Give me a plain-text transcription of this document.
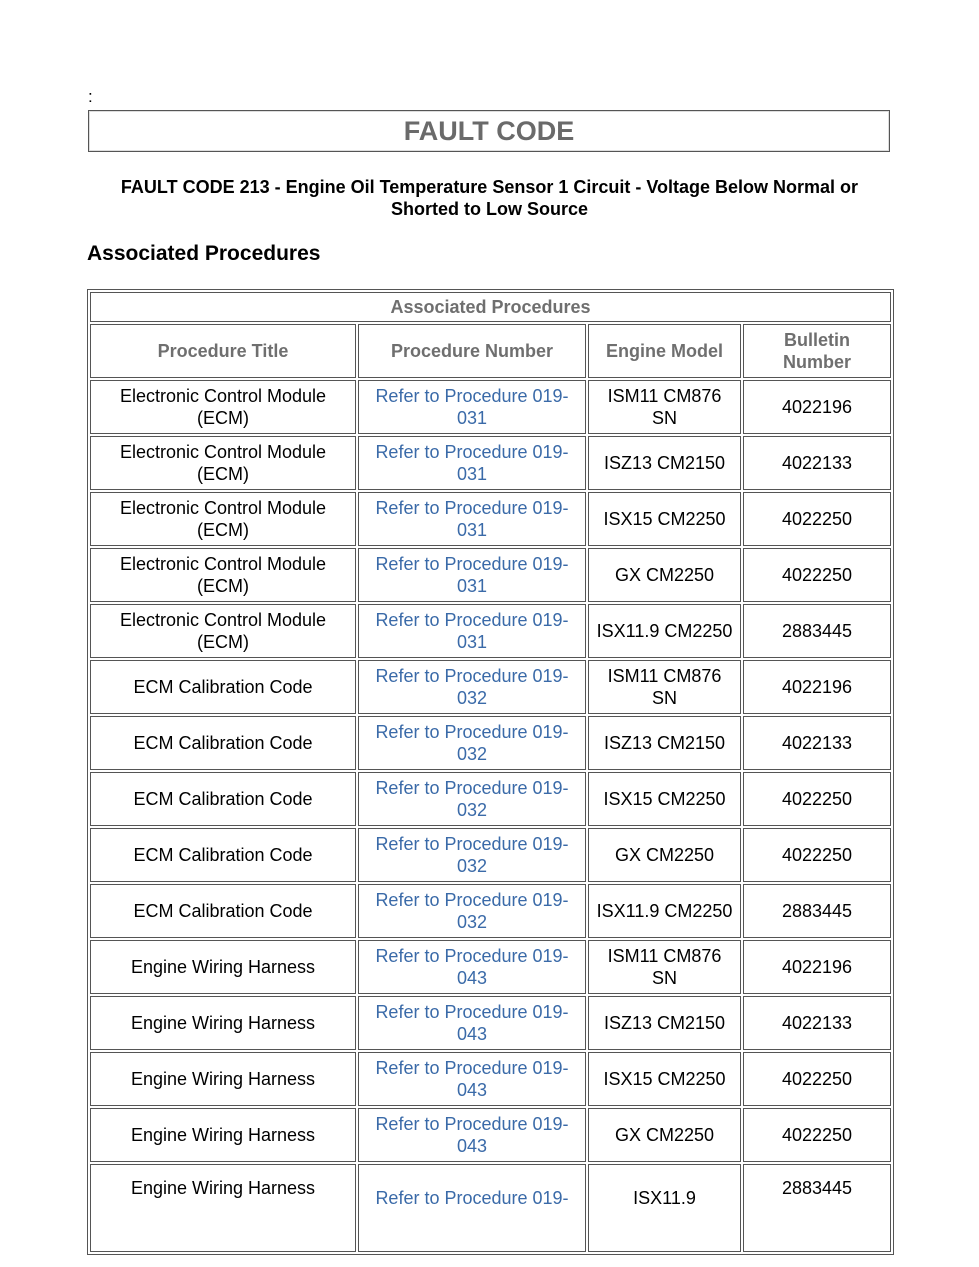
:
FAULT CODE
FAULT CODE 213 - Engine Oil Temperature Sensor 1 Circuit - Voltage Below Normal or Shorted to Low Source
Associated Procedures
Associated Procedures			
Procedure Title	Procedure Number	Engine Model	Bulletin Number
Electronic Control Module (ECM)	Refer to Procedure 019-031	ISM11 CM876 SN	4022196
Electronic Control Module (ECM)	Refer to Procedure 019-031	ISZ13 CM2150	4022133
Electronic Control Module (ECM)	Refer to Procedure 019-031	ISX15 CM2250	4022250
Electronic Control Module (ECM)	Refer to Procedure 019-031	GX CM2250	4022250
Electronic Control Module (ECM)	Refer to Procedure 019-031	ISX11.9 CM2250	2883445
ECM Calibration Code	Refer to Procedure 019-032	ISM11 CM876 SN	4022196
ECM Calibration Code	Refer to Procedure 019-032	ISZ13 CM2150	4022133
ECM Calibration Code	Refer to Procedure 019-032	ISX15 CM2250	4022250
ECM Calibration Code	Refer to Procedure 019-032	GX CM2250	4022250
ECM Calibration Code	Refer to Procedure 019-032	ISX11.9 CM2250	2883445
Engine Wiring Harness	Refer to Procedure 019-043	ISM11 CM876 SN	4022196
Engine Wiring Harness	Refer to Procedure 019-043	ISZ13 CM2150	4022133
Engine Wiring Harness	Refer to Procedure 019-043	ISX15 CM2250	4022250
Engine Wiring Harness	Refer to Procedure 019-043	GX CM2250	4022250
Engine Wiring Harness	Refer to Procedure 019-	ISX11.9	2883445
